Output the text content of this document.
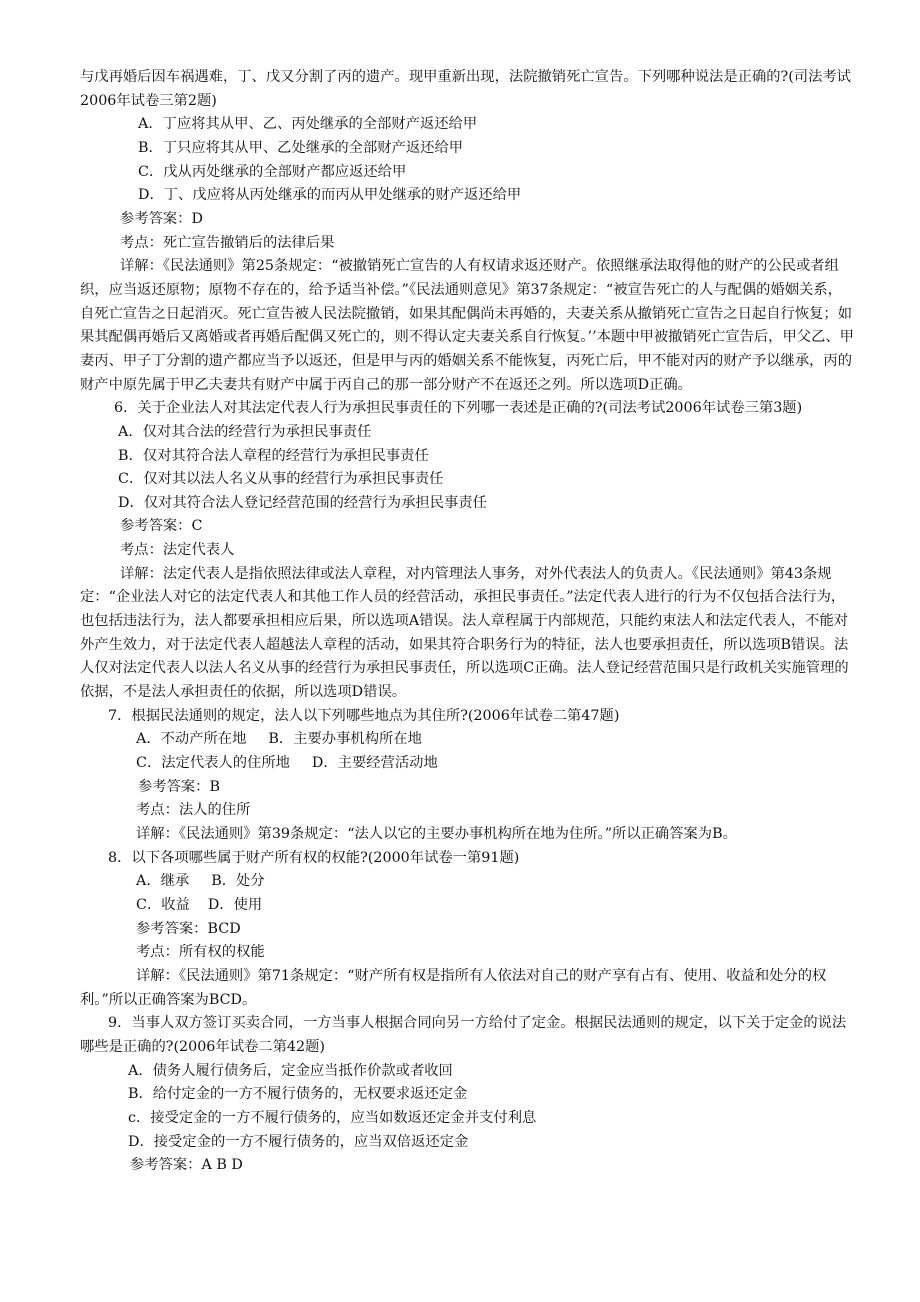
与戊再婚后因车祸遇难，丁、戊又分割了丙的遗产。现甲重新出现，法院撤销死亡宣告。下列哪种说法是正确的?(司法考试2006年试卷三第2题)

A．丁应将其从甲、乙、丙处继承的全部财产返还给甲

B．丁只应将其从甲、乙处继承的全部财产返还给甲

C．戊从丙处继承的全部财产都应返还给甲

D．丁、戊应将从丙处继承的而丙从甲处继承的财产返还给甲

参考答案：D

考点：死亡宣告撤销后的法律后果

详解：《民法通则》第25条规定：“被撤销死亡宣告的人有权请求返还财产。依照继承法取得他的财产的公民或者组织，应当返还原物；原物不存在的，给予适当补偿。”《民法通则意见》第37条规定：“被宣告死亡的人与配偶的婚姻关系，自死亡宣告之日起消灭。死亡宣告被人民法院撤销，如果其配偶尚未再婚的，夫妻关系从撤销死亡宣告之日起自行恢复；如果其配偶再婚后又离婚或者再婚后配偶又死亡的，则不得认定夫妻关系自行恢复。’’本题中甲被撤销死亡宣告后，甲父乙、甲妻丙、甲子丁分割的遗产都应当予以返还，但是甲与丙的婚姻关系不能恢复，丙死亡后，甲不能对丙的财产予以继承，丙的财产中原先属于甲乙夫妻共有财产中属于丙自己的那一部分财产不在返还之列。所以选项D正确。

6．关于企业法人对其法定代表人行为承担民事责任的下列哪一表述是正确的?(司法考试2006年试卷三第3题)

A．仅对其合法的经营行为承担民事责任

B．仅对其符合法人章程的经营行为承担民事责任

C．仅对其以法人名义从事的经营行为承担民事责任

D．仅对其符合法人登记经营范围的经营行为承担民事责任

参考答案：C

考点：法定代表人

详解：法定代表人是指依照法律或法人章程，对内管理法人事务，对外代表法人的负责人。《民法通则》第43条规定：“企业法人对它的法定代表人和其他工作人员的经营活动，承担民事责任。”法定代表人进行的行为不仅包括合法行为，也包括违法行为，法人都要承担相应后果，所以选项A错误。法人章程属于内部规范，只能约束法人和法定代表人，不能对外产生效力，对于法定代表人超越法人章程的活动，如果其符合职务行为的特征，法人也要承担责任，所以选项B错误。法人仅对法定代表人以法人名义从事的经营行为承担民事责任，所以选项C正确。法人登记经营范围只是行政机关实施管理的依据，不是法人承担责任的依据，所以选项D错误。

7．根据民法通则的规定，法人以下列哪些地点为其住所?(2006年试卷二第47题)

A．不动产所在地 B．主要办事机构所在地

C．法定代表人的住所地 D．主要经营活动地

参考答案：B

考点：法人的住所

详解：《民法通则》第39条规定：“法人以它的主要办事机构所在地为住所。”所以正确答案为B。

8．以下各项哪些属于财产所有权的权能?(2000年试卷一第91题)

A．继承 B．处分

C．收益 D．使用

参考答案：BCD

考点：所有权的权能

详解：《民法通则》第71条规定：“财产所有权是指所有人依法对自己的财产享有占有、使用、收益和处分的权利。”所以正确答案为BCD。

9．当事人双方签订买卖合同，一方当事人根据合同向另一方给付了定金。根据民法通则的规定，以下关于定金的说法哪些是正确的?(2006年试卷二第42题)

A．债务人履行债务后，定金应当抵作价款或者收回

B．给付定金的一方不履行债务的，无权要求返还定金

c．接受定金的一方不履行债务的，应当如数返还定金并支付利息

D．接受定金的一方不履行债务的，应当双倍返还定金

参考答案：A B D
